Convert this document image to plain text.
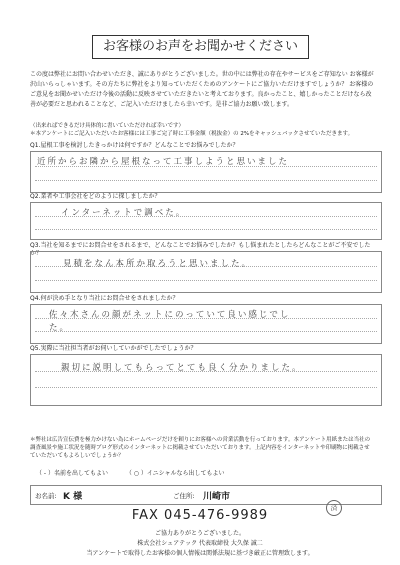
お客様のお声をお聞かせください
この度は弊社にお問い合わせいただき、誠にありがとうございました。世の中には弊社の存在やサービスをご存知ない お客様が沢山いらっしゃいます。その方たちに弊社をより知っていただくためのアンケートにご協力いただけますでしょうか？ お客様のご意見をお聞かせいただけ今後の活動に反映させていただきたいと考えております。良かったこと、嬉しかったことだけなら改善が必要だと思われることなど、ご記入いただけましたら幸いです。是非ご協力お願い致します。
（出来ればできるだけ具体的に書いていただければ幸いです）
＊本アンケートにご記入いただいたお客様には工事ご完了時に工事金額（税抜金）の 2%をキャッシュバックさせていただきます。
Q1.屋根工事を検討したきっかけは何ですか？どんなことでお悩みでしたか？
近所からお隣から屋根なって工事しようと思いました
Q2.業者や工事会社をどのように探しましたか？
インターネットで調べた。
Q3.当社を知るまでにお問合せをされるまで、どんなことでお悩みでしたか？もし悩まれたとしたらどんなことがご不安でしたか？
見積をなん本所か取ろうと思いました。
Q4.何が決め手となり当社にお問合せをされましたか？
佐々木さんの顔がネットにのっていて良い感じでした。
Q5.実際に当社担当者がお伺いしていかがでしたでしょうか？
親切に説明してもらってとても良く分かりました。
＊弊社は広告宣伝費を極力かけない為にホームページだけを頼りにお客様への営業活動を行っております。本アンケート用紙または当社の調査風景や施工状況を随時ブログ形式のインターネットに掲載させていただいております。上記内容をインターネットや印刷物に掲載させていただいてもよろしいでしょうか？
（ - ）名前を出してもよい	（ ○ ）イニシャルなら出してもよい
お名前: K 様	ご住所: 川崎市
FAX 045-476-9989	済
ご協力ありがとうございました。
株式会社シェアテック 代表取締役 大久保 誠二
当アンケートで取得したお客様の個人情報は関係法規に基づき厳正に管理致します。
